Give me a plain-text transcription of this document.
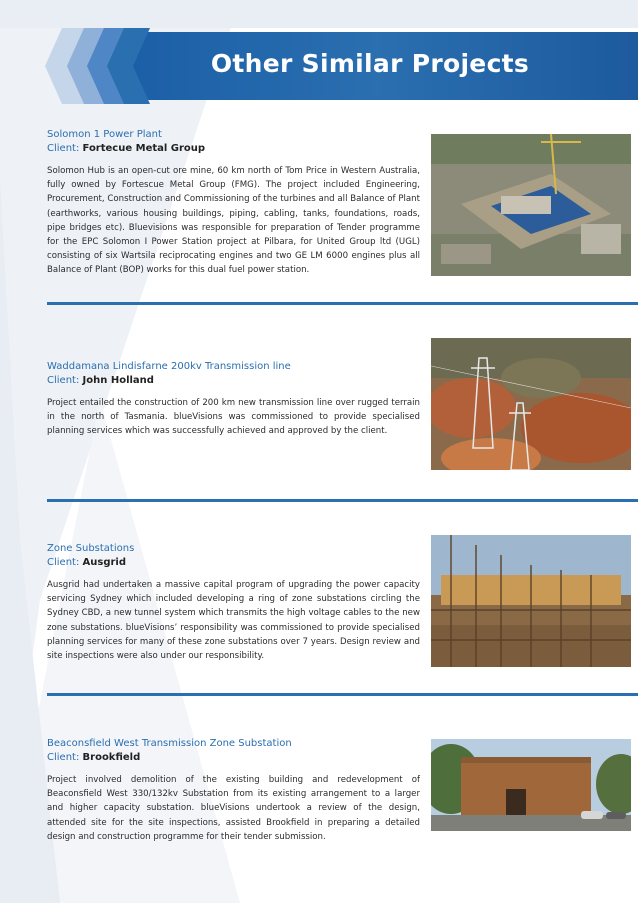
Other Similar Projects
Solomon 1 Power Plant
Client: Fortecue Metal Group
Solomon Hub is an open-cut ore mine, 60 km north of Tom Price in Western Australia, fully owned by Fortescue Metal Group (FMG). The project included Engineering, Procurement, Construction and Commissioning of the turbines and all Balance of Plant (earthworks, various housing buildings, piping, cabling, tanks, foundations, roads, pipe bridges etc). Bluevisions was responsible for preparation of Tender programme for the EPC Solomon I Power Station project at Pilbara, for United Group ltd (UGL) consisting of six Wartsila reciprocating engines and two GE LM 6000 engines plus all Balance of Plant (BOP) works for this dual fuel power station.
Waddamana Lindisfarne 200kv Transmission line
Client: John Holland
Project entailed the construction of 200 km new transmission line over rugged terrain in the north of Tasmania. blueVisions was commissioned to provide specialised planning services which was successfully achieved and approved by the client.
Zone Substations
Client: Ausgrid
Ausgrid had undertaken a massive capital program of upgrading the power capacity servicing Sydney which included developing a ring of zone substations circling the Sydney CBD, a new tunnel system which transmits the high voltage cables to the new zone substations. blueVisions’ responsibility was commissioned to provide specialised planning services for many of these zone substations over 7 years. Design review and site inspections were also under our responsibility.
Beaconsfield West Transmission Zone Substation
Client: Brookfield
Project involved demolition of the existing building and redevelopment of Beaconsfield West 330/132kv Substation from its existing arrangement to a larger and higher capacity substation. blueVisions undertook a review of the design, attended site for the site inspections, assisted Brookfield in preparing a detailed design and construction programme for their tender submission.
